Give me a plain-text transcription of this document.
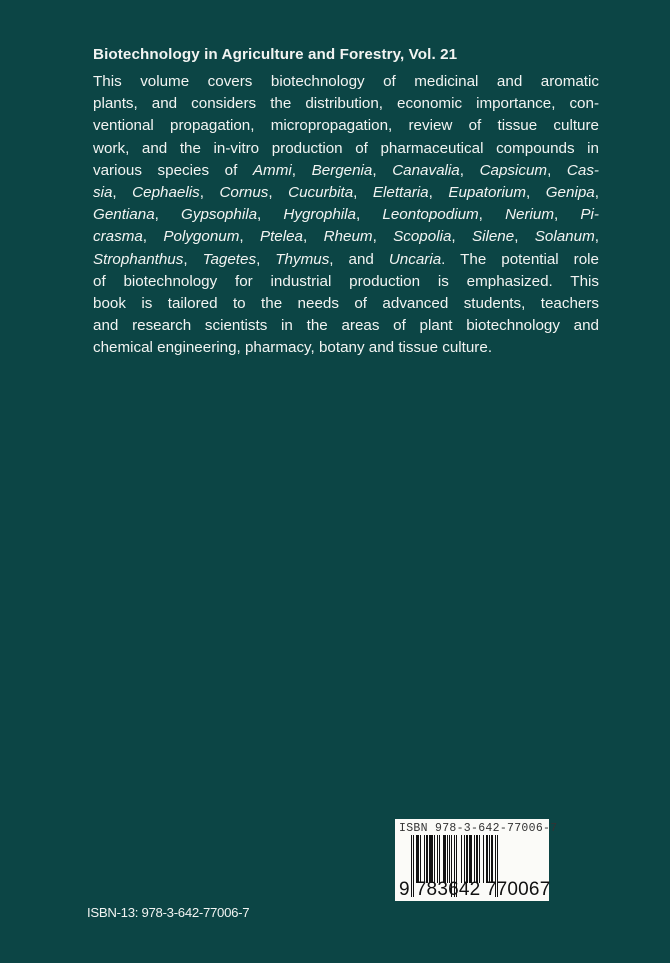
Biotechnology in Agriculture and Forestry, Vol. 21
This volume covers biotechnology of medicinal and aromatic
plants, and considers the distribution, economic importance, con-
ventional propagation, micropropagation, review of tissue culture
work, and the in-vitro production of pharmaceutical compounds in
various species of Ammi, Bergenia, Canavalia, Capsicum, Cas-
sia, Cephaelis, Cornus, Cucurbita, Elettaria, Eupatorium, Genipa,
Gentiana, Gypsophila, Hygrophila, Leontopodium, Nerium, Pi-
crasma, Polygonum, Ptelea, Rheum, Scopolia, Silene, Solanum,
Strophanthus, Tagetes, Thymus, and Uncaria. The potential role
of biotechnology for industrial production is emphasized. This
book is tailored to the needs of advanced students, teachers
and research scientists in the areas of plant biotechnology and
chemical engineering, pharmacy, botany and tissue culture.
ISBN 978-3-642-77006-7
9 783642 770067
ISBN-13: 978-3-642-77006-7
